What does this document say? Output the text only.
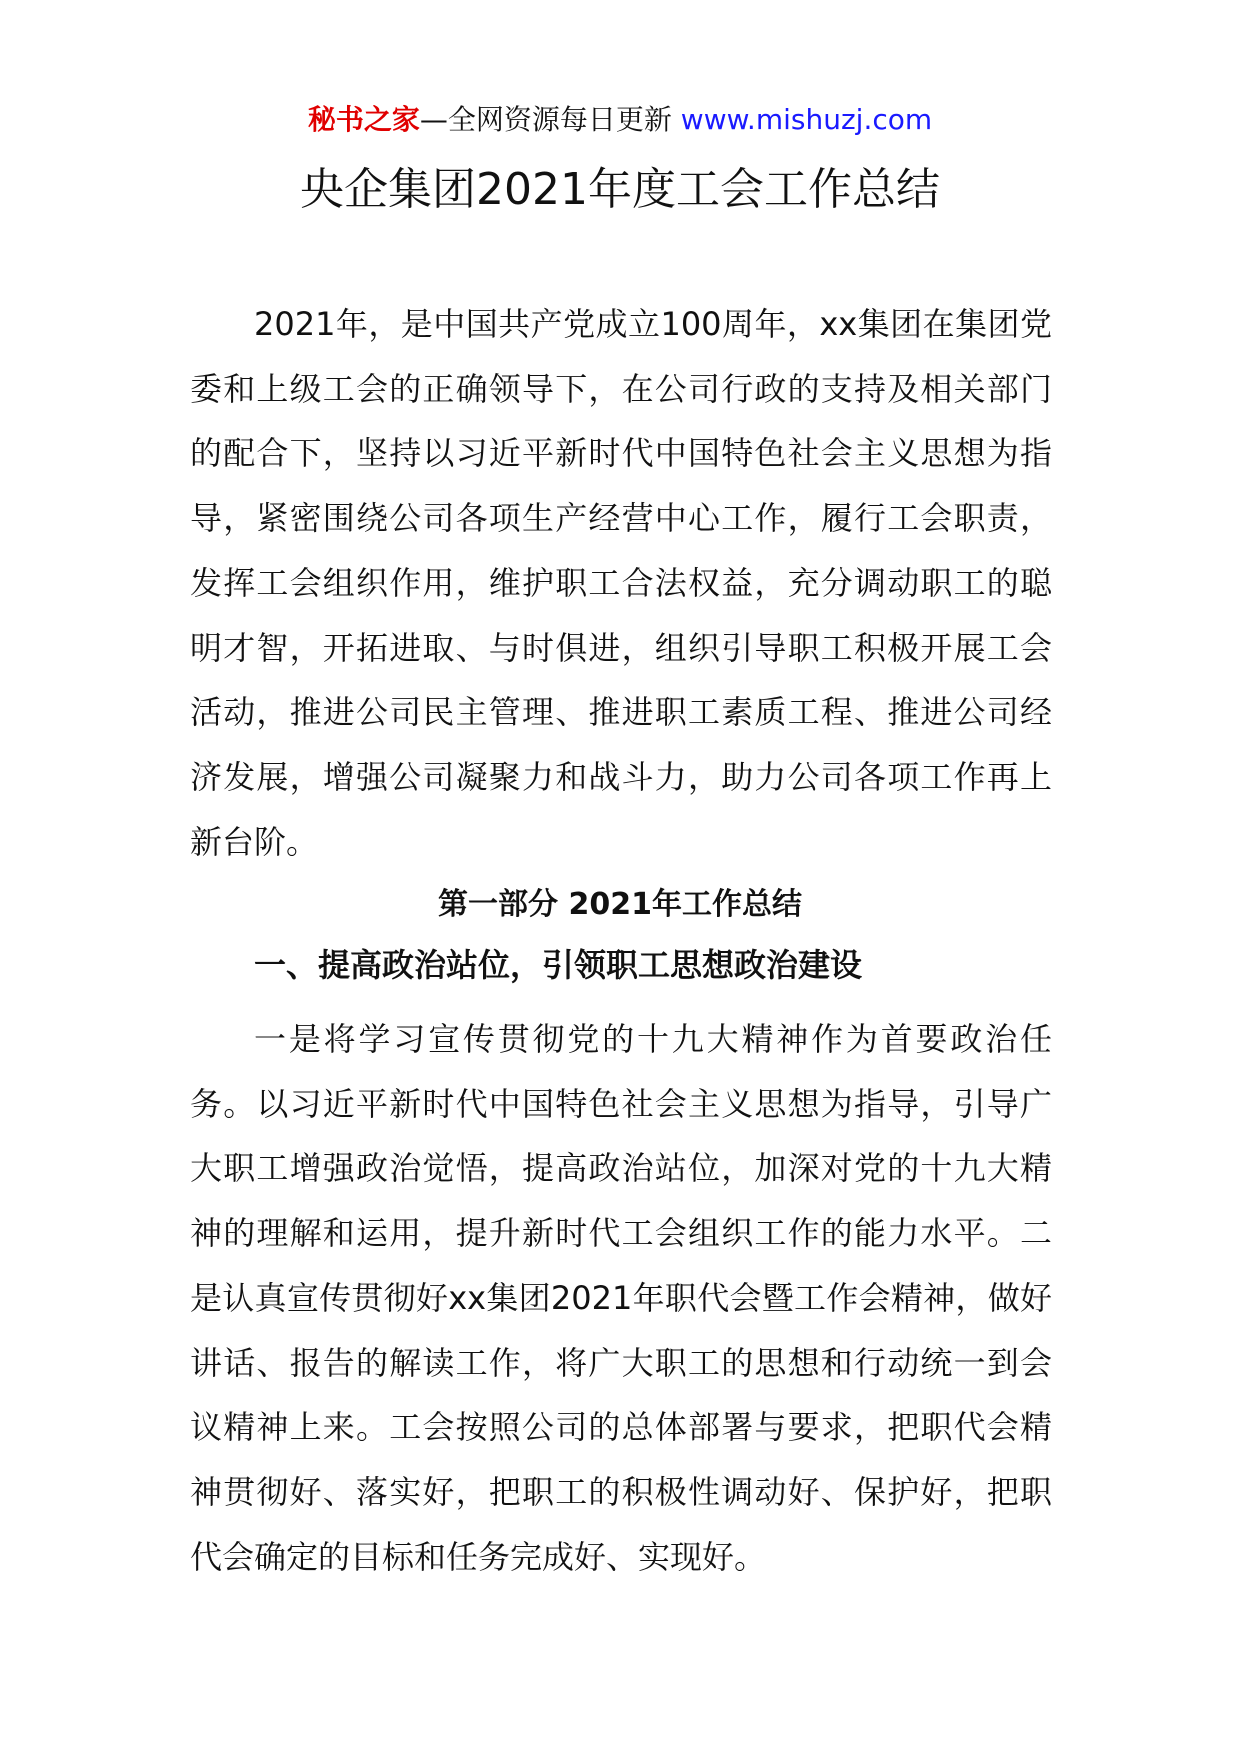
秘书之家—全网资源每日更新 www.mishuzj.com
央企集团2021年度工会工作总结

2021年，是中国共产党成立100周年，xx集团在集团党委和上级工会的正确领导下，在公司行政的支持及相关部门的配合下，坚持以习近平新时代中国特色社会主义思想为指导，紧密围绕公司各项生产经营中心工作，履行工会职责，发挥工会组织作用，维护职工合法权益，充分调动职工的聪明才智，开拓进取、与时俱进，组织引导职工积极开展工会活动，推进公司民主管理、推进职工素质工程、推进公司经济发展，增强公司凝聚力和战斗力，助力公司各项工作再上新台阶。

第一部分 2021年工作总结
一、提高政治站位，引领职工思想政治建设

一是将学习宣传贯彻党的十九大精神作为首要政治任务。以习近平新时代中国特色社会主义思想为指导，引导广大职工增强政治觉悟，提高政治站位，加深对党的十九大精神的理解和运用，提升新时代工会组织工作的能力水平。二是认真宣传贯彻好xx集团2021年职代会暨工作会精神，做好讲话、报告的解读工作，将广大职工的思想和行动统一到会议精神上来。工会按照公司的总体部署与要求，把职代会精神贯彻好、落实好，把职工的积极性调动好、保护好，把职代会确定的目标和任务完成好、实现好。
